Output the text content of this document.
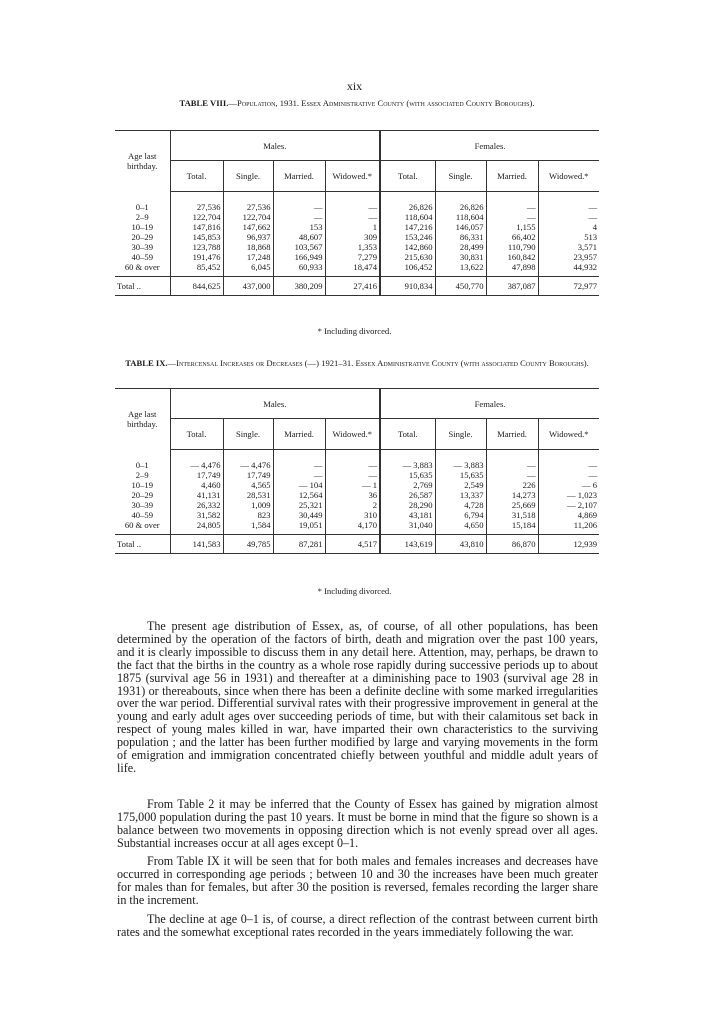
xix
TABLE VIII.—Population, 1931. Essex Administrative County (with associated County Boroughs).
Age last birthday.	Males.				Females.			
	Total.	Single.	Married.	Widowed.*	Total.	Single.	Married.	Widowed.*

0–1	27,536	27,536	—	—	26,826	26,826	—	—
2–9	122,704	122,704	—	—	118,604	118,604	—	—
10–19	147,816	147,662	153	1	147,216	146,057	1,155	4
20–29	145,853	96,937	48,607	309	153,246	86,331	66,402	513
30–39	123,788	18,868	103,567	1,353	142,860	28,499	110,790	3,571
40–59	191,476	17,248	166,949	7,279	215,630	30,831	160,842	23,957
60 & over	85,452	6,045	60,933	18,474	106,452	13,622	47,898	44,932
Total ..	844,625	437,000	380,209	27,416	910,834	450,770	387,087	72,977
* Including divorced.
TABLE IX.—Intercensal Increases or Decreases (—) 1921–31. Essex Administrative County (with associated County Boroughs).
Age last birthday.	Males.				Females.			
	Total.	Single.	Married.	Widowed.*	Total.	Single.	Married.	Widowed.*

0–1	— 4,476	— 4,476	—	—	— 3,883	— 3,883	—	—
2–9	17,749	17,749	—	—	15,635	15,635	—	—
10–19	4,460	4,565	— 104	— 1	2,769	2,549	226	— 6
20–29	41,131	28,531	12,564	36	26,587	13,337	14,273	— 1,023
30–39	26,332	1,009	25,321	2	28,290	4,728	25,669	— 2,107
40–59	31,582	823	30,449	310	43,181	6,794	31,518	4,869
60 & over	24,805	1,584	19,051	4,170	31,040	4,650	15,184	11,206
Total ..	141,583	49,785	87,281	4,517	143,619	43,810	86,870	12,939
* Including divorced.

The present age distribution of Essex, as, of course, of all other populations, has been determined by the operation of the factors of birth, death and migration over the past 100 years, and it is clearly impossible to discuss them in any detail here. Attention, may, perhaps, be drawn to the fact that the births in the country as a whole rose rapidly during successive periods up to about 1875 (survival age 56 in 1931) and thereafter at a diminishing pace to 1903 (survival age 28 in 1931) or thereabouts, since when there has been a definite decline with some marked irregularities over the war period. Differential survival rates with their progressive improvement in general at the young and early adult ages over succeeding periods of time, but with their calamitous set back in respect of young males killed in war, have imparted their own characteristics to the surviving population ; and the latter has been further modified by large and varying movements in the form of emigration and immigration concentrated chiefly between youthful and middle adult years of life.

From Table 2 it may be inferred that the County of Essex has gained by migration almost 175,000 population during the past 10 years. It must be borne in mind that the figure so shown is a balance between two movements in opposing direction which is not evenly spread over all ages. Substantial increases occur at all ages except 0–1.

From Table IX it will be seen that for both males and females increases and decreases have occurred in corresponding age periods ; between 10 and 30 the increases have been much greater for males than for females, but after 30 the position is reversed, females recording the larger share in the increment.

The decline at age 0–1 is, of course, a direct reflection of the contrast between current birth rates and the somewhat exceptional rates recorded in the years immediately following the war.
